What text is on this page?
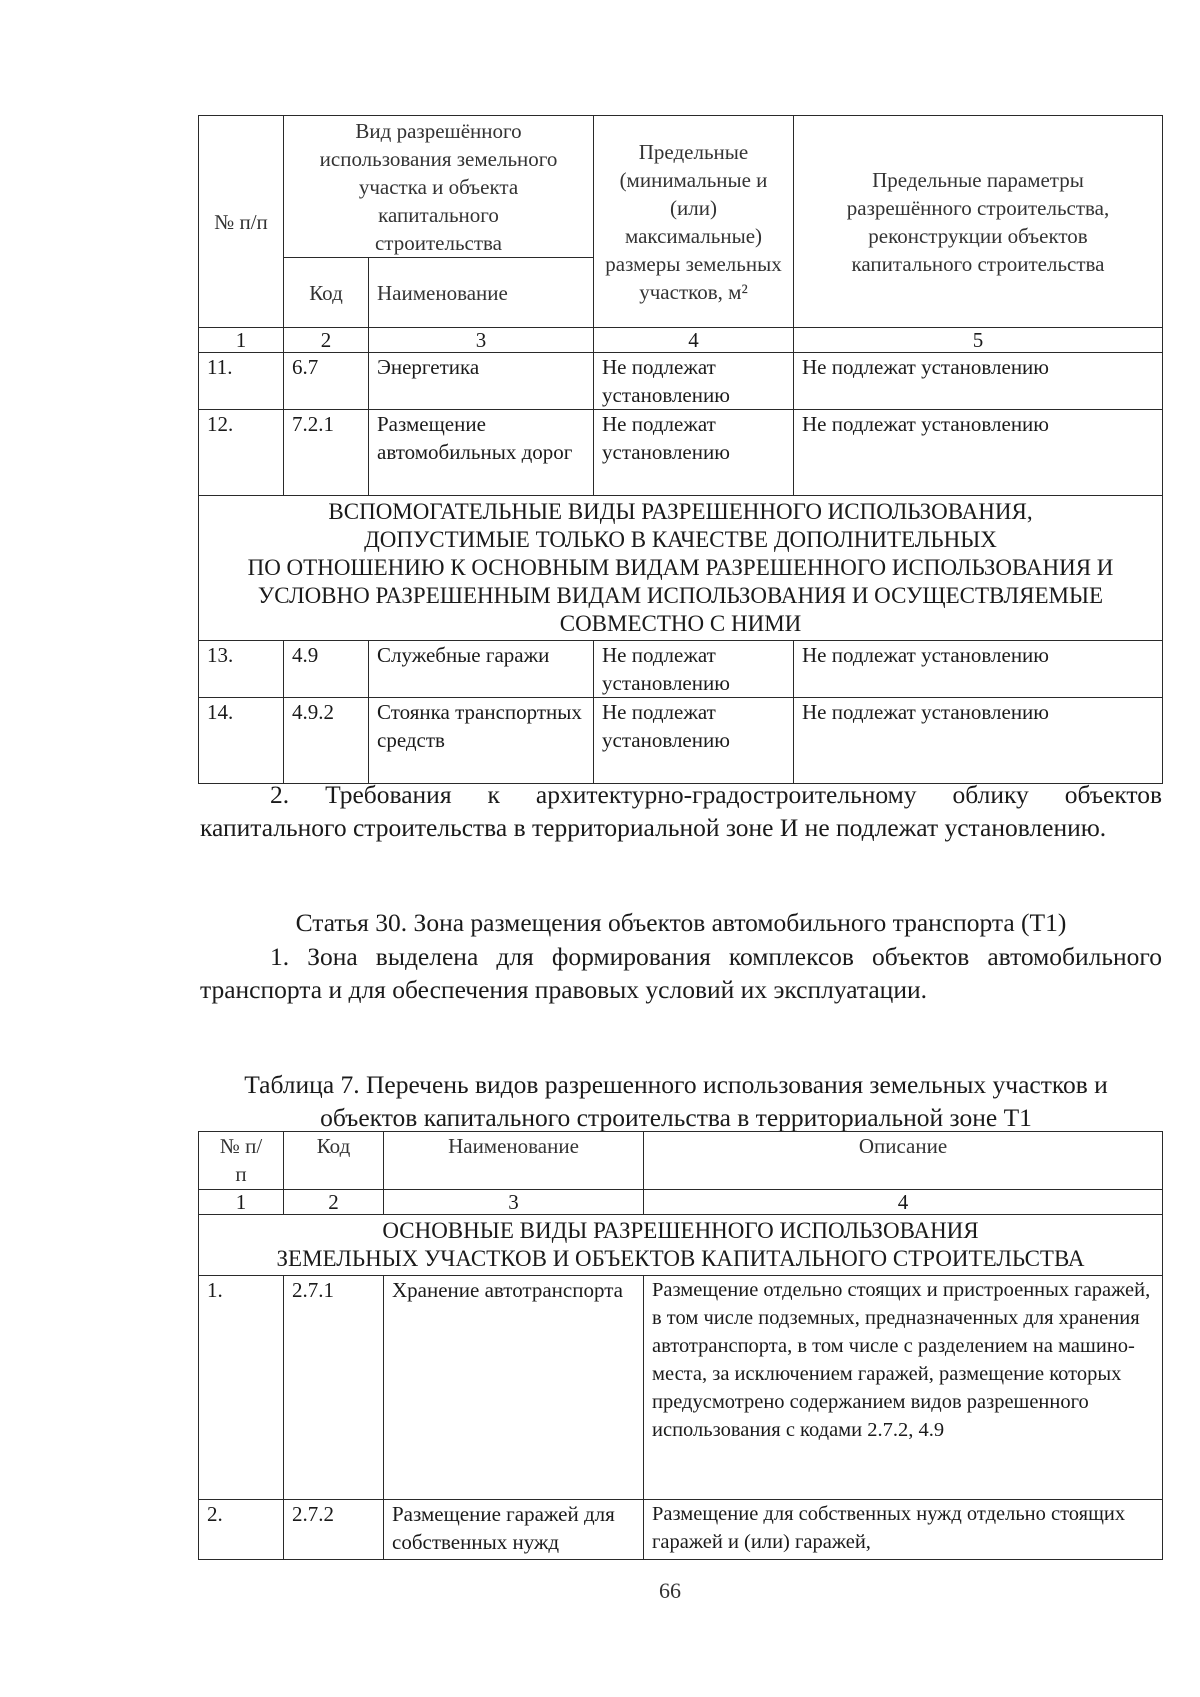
№ п/п	Вид разрешённого использования земельного участка и объекта капитального строительства		Предельные (минимальные и (или) максимальные) размеры земельных участков, м²	Предельные параметры разрешённого строительства, реконструкции объектов капитального строительства
	Код	Наименование		
1	2	3	4	5
11.	6.7	Энергетика	Не подлежат установлению	Не подлежат установлению
12.	7.2.1	Размещение автомобильных дорог	Не подлежат установлению	Не подлежат установлению

ВСПОМОГАТЕЛЬНЫЕ ВИДЫ РАЗРЕШЕННОГО ИСПОЛЬЗОВАНИЯ,
ДОПУСТИМЫЕ ТОЛЬКО В КАЧЕСТВЕ ДОПОЛНИТЕЛЬНЫХ
ПО ОТНОШЕНИЮ К ОСНОВНЫМ ВИДАМ РАЗРЕШЕННОГО ИСПОЛЬЗОВАНИЯ И
УСЛОВНО РАЗРЕШЕННЫМ ВИДАМ ИСПОЛЬЗОВАНИЯ И ОСУЩЕСТВЛЯЕМЫЕ
СОВМЕСТНО С НИМИ				

13.	4.9	Служебные гаражи	Не подлежат установлению	Не подлежат установлению
14.	4.9.2	Стоянка транспортных средств	Не подлежат установлению	Не подлежат установлению
2. Требования к архитектурно-градостроительному облику объектов капитального строительства в территориальной зоне И не подлежат установлению.
Статья 30. Зона размещения объектов автомобильного транспорта (Т1)
1. Зона выделена для формирования комплексов объектов автомобильного транспорта и для обеспечения правовых условий их эксплуатации.
Таблица 7. Перечень видов разрешенного использования земельных участков и
объектов капитального строительства в территориальной зоне Т1
№ п/п	Код	Наименование	Описание
1	2	3	4

ОСНОВНЫЕ ВИДЫ РАЗРЕШЕННОГО ИСПОЛЬЗОВАНИЯ
ЗЕМЕЛЬНЫХ УЧАСТКОВ И ОБЪЕКТОВ КАПИТАЛЬНОГО СТРОИТЕЛЬСТВА			

1.	2.7.1	Хранение автотранспорта	Размещение отдельно стоящих и пристроенных гаражей, в том числе подземных, предназначенных для хранения автотранспорта, в том числе с разделением на машино-места, за исключением гаражей, размещение которых предусмотрено содержанием видов разрешенного использования с кодами 2.7.2, 4.9
2.	2.7.2	Размещение гаражей для собственных нужд	Размещение для собственных нужд отдельно стоящих гаражей и (или) гаражей,
66
